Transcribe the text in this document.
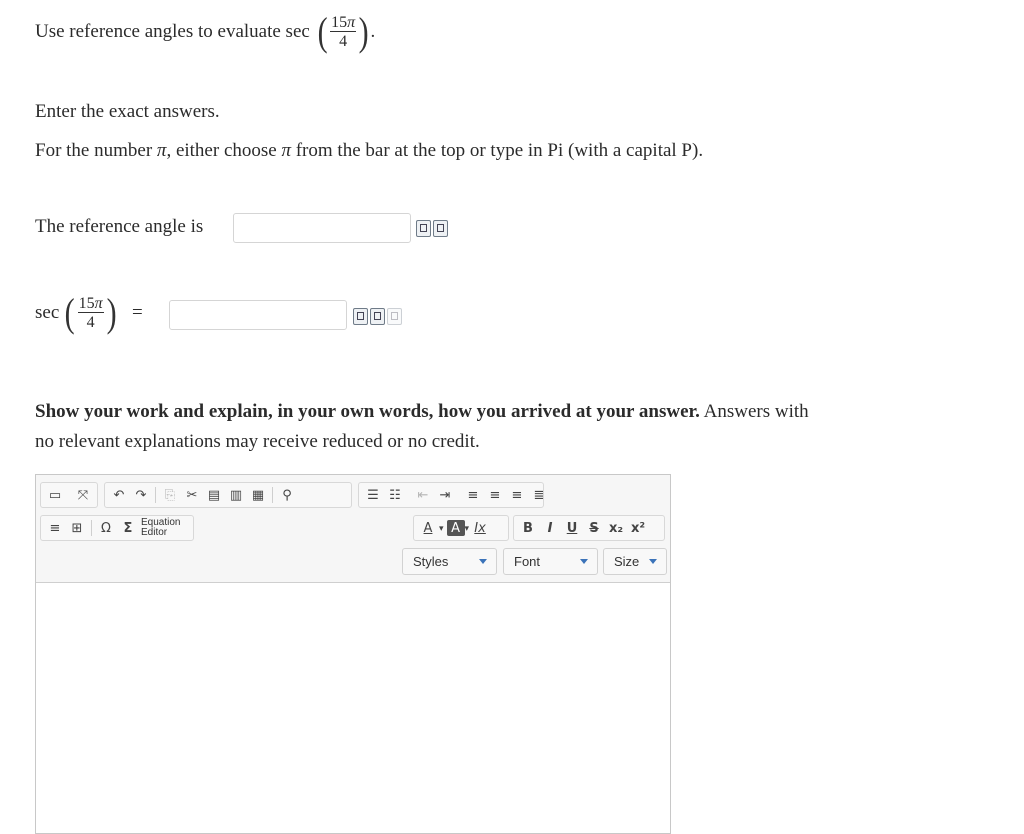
Use reference angles to evaluate sec ( $\frac{15\pi}{4}$ ) .
Enter the exact answers.
For the number π, either choose π from the bar at the top or type in Pi (with a capital P).
The reference angle is
sec ( $\frac{15\pi}{4}$ ) =
Show your work and explain, in your own words, how you arrived at your answer. Answers with
no relevant explanations may receive reduced or no credit.
▭	⤧	↶ ↷	⎘ ✂ ▤ ▥ ▦	⚲	☰ ☷	⇤ ⇥	≡ ≡ ≡ ≣
≡ ⊞	Ω Σ Equation
Editor	A ▾ A ▾ Ix	B	I	U S x₂ x²
Styles	Font	Size
